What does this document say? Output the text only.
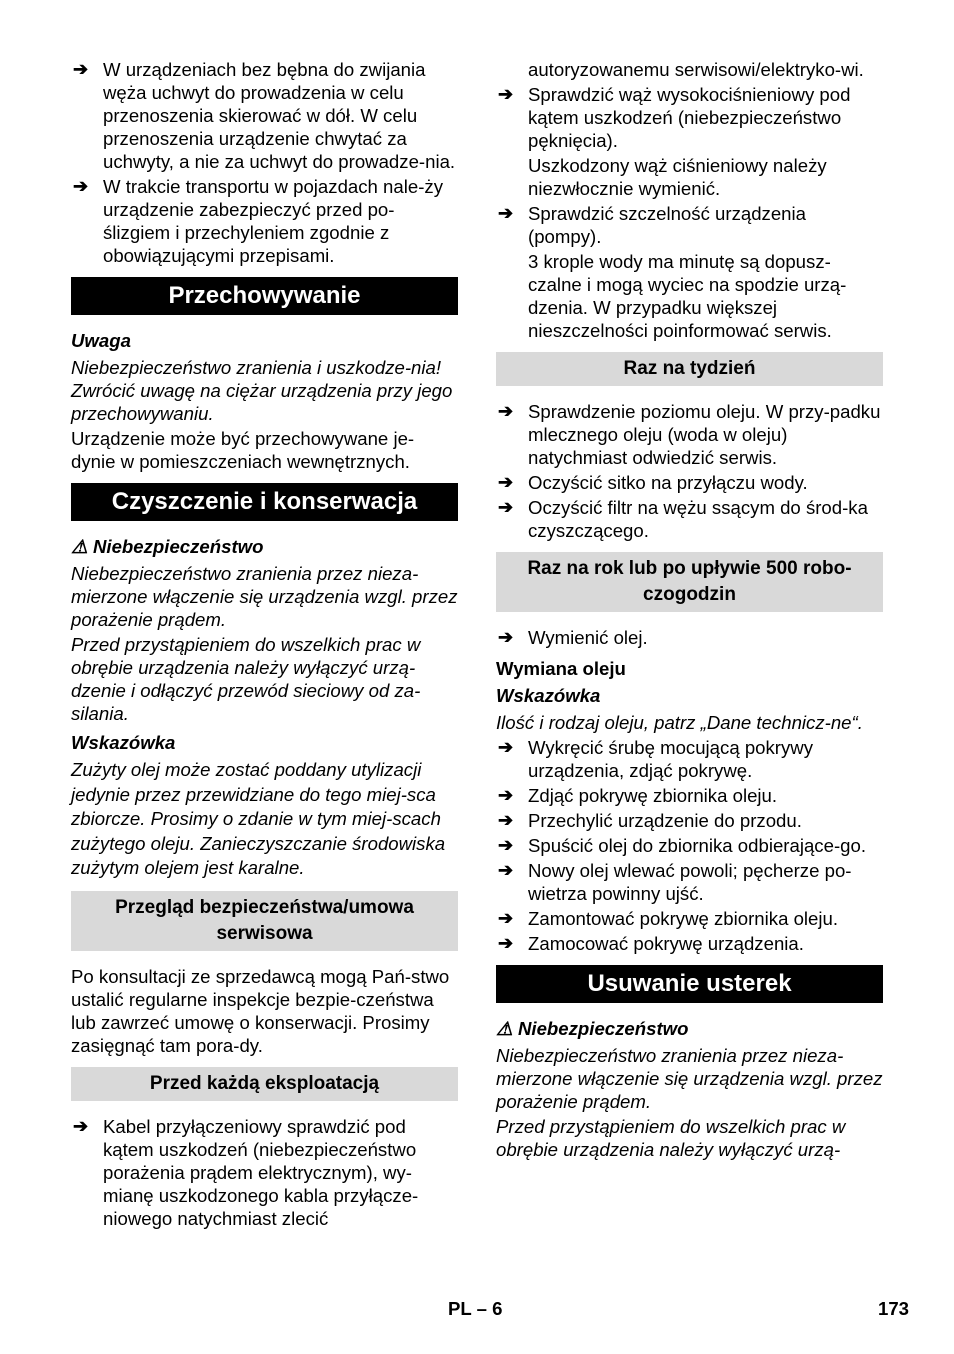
➔ W urządzeniach bez bębna do zwijania węża uchwyt do prowadzenia w celu przenoszenia skierować w dół. W celu przenoszenia urządzenie chwytać za uchwyty, a nie za uchwyt do prowadze-nia.
➔ W trakcie transportu w pojazdach nale-ży urządzenie zabezpieczyć przed po-ślizgiem i przechyleniem zgodnie z obowiązującymi przepisami.
Przechowywanie
Uwaga
Niebezpieczeństwo zranienia i uszkodze-nia! Zwrócić uwagę na ciężar urządzenia przy jego przechowywaniu.
Urządzenie może być przechowywane je-dynie w pomieszczeniach wewnętrznych.
Czyszczenie i konserwacja
⚠ Niebezpieczeństwo
Niebezpieczeństwo zranienia przez nieza-mierzone włączenie się urządzenia wzgl. przez porażenie prądem.
Przed przystąpieniem do wszelkich prac w obrębie urządzenia należy wyłączyć urzą-dzenie i odłączyć przewód sieciowy od za-silania.
Wskazówka
Zużyty olej może zostać poddany utylizacji jedynie przez przewidziane do tego miej-sca zbiorcze. Prosimy o zdanie w tym miej-scach zużytego oleju. Zanieczyszczanie środowiska zużytym olejem jest karalne.
Przegląd bezpieczeństwa/umowa serwisowa
Po konsultacji ze sprzedawcą mogą Pań-stwo ustalić regularne inspekcje bezpie-czeństwa lub zawrzeć umowę o konserwacji. Prosimy zasięgnąć tam pora-dy.
Przed każdą eksploatacją
➔ Kabel przyłączeniowy sprawdzić pod kątem uszkodzeń (niebezpieczeństwo porażenia prądem elektrycznym), wy-mianę uszkodzonego kabla przyłącze-niowego natychmiast zlecić
autoryzowanemu serwisowi/elektryko-wi.
➔ Sprawdzić wąż wysokociśnieniowy pod kątem uszkodzeń (niebezpieczeństwo pęknięcia).
Uszkodzony wąż ciśnieniowy należy niezwłocznie wymienić.
➔ Sprawdzić szczelność urządzenia (pompy).
3 krople wody ma minutę są dopusz-czalne i mogą wyciec na spodzie urzą-dzenia. W przypadku większej nieszczelności poinformować serwis.
Raz na tydzień
➔ Sprawdzenie poziomu oleju. W przy-padku mlecznego oleju (woda w oleju) natychmiast odwiedzić serwis.
➔ Oczyścić sitko na przyłączu wody.
➔ Oczyścić filtr na wężu ssącym do środ-ka czyszczącego.
Raz na rok lub po upływie 500 robo-czogodzin
➔ Wymienić olej.
Wymiana oleju
Wskazówka
Ilość i rodzaj oleju, patrz „Dane technicz-ne“.
➔ Wykręcić śrubę mocującą pokrywy urządzenia, zdjąć pokrywę.
➔ Zdjąć pokrywę zbiornika oleju.
➔ Przechylić urządzenie do przodu.
➔ Spuścić olej do zbiornika odbierające-go.
➔ Nowy olej wlewać powoli; pęcherze po-wietrza powinny ujść.
➔ Zamontować pokrywę zbiornika oleju.
➔ Zamocować pokrywę urządzenia.
Usuwanie usterek
⚠ Niebezpieczeństwo
Niebezpieczeństwo zranienia przez nieza-mierzone włączenie się urządzenia wzgl. przez porażenie prądem.
Przed przystąpieniem do wszelkich prac w obrębie urządzenia należy wyłączyć urzą-
PL – 6	173
